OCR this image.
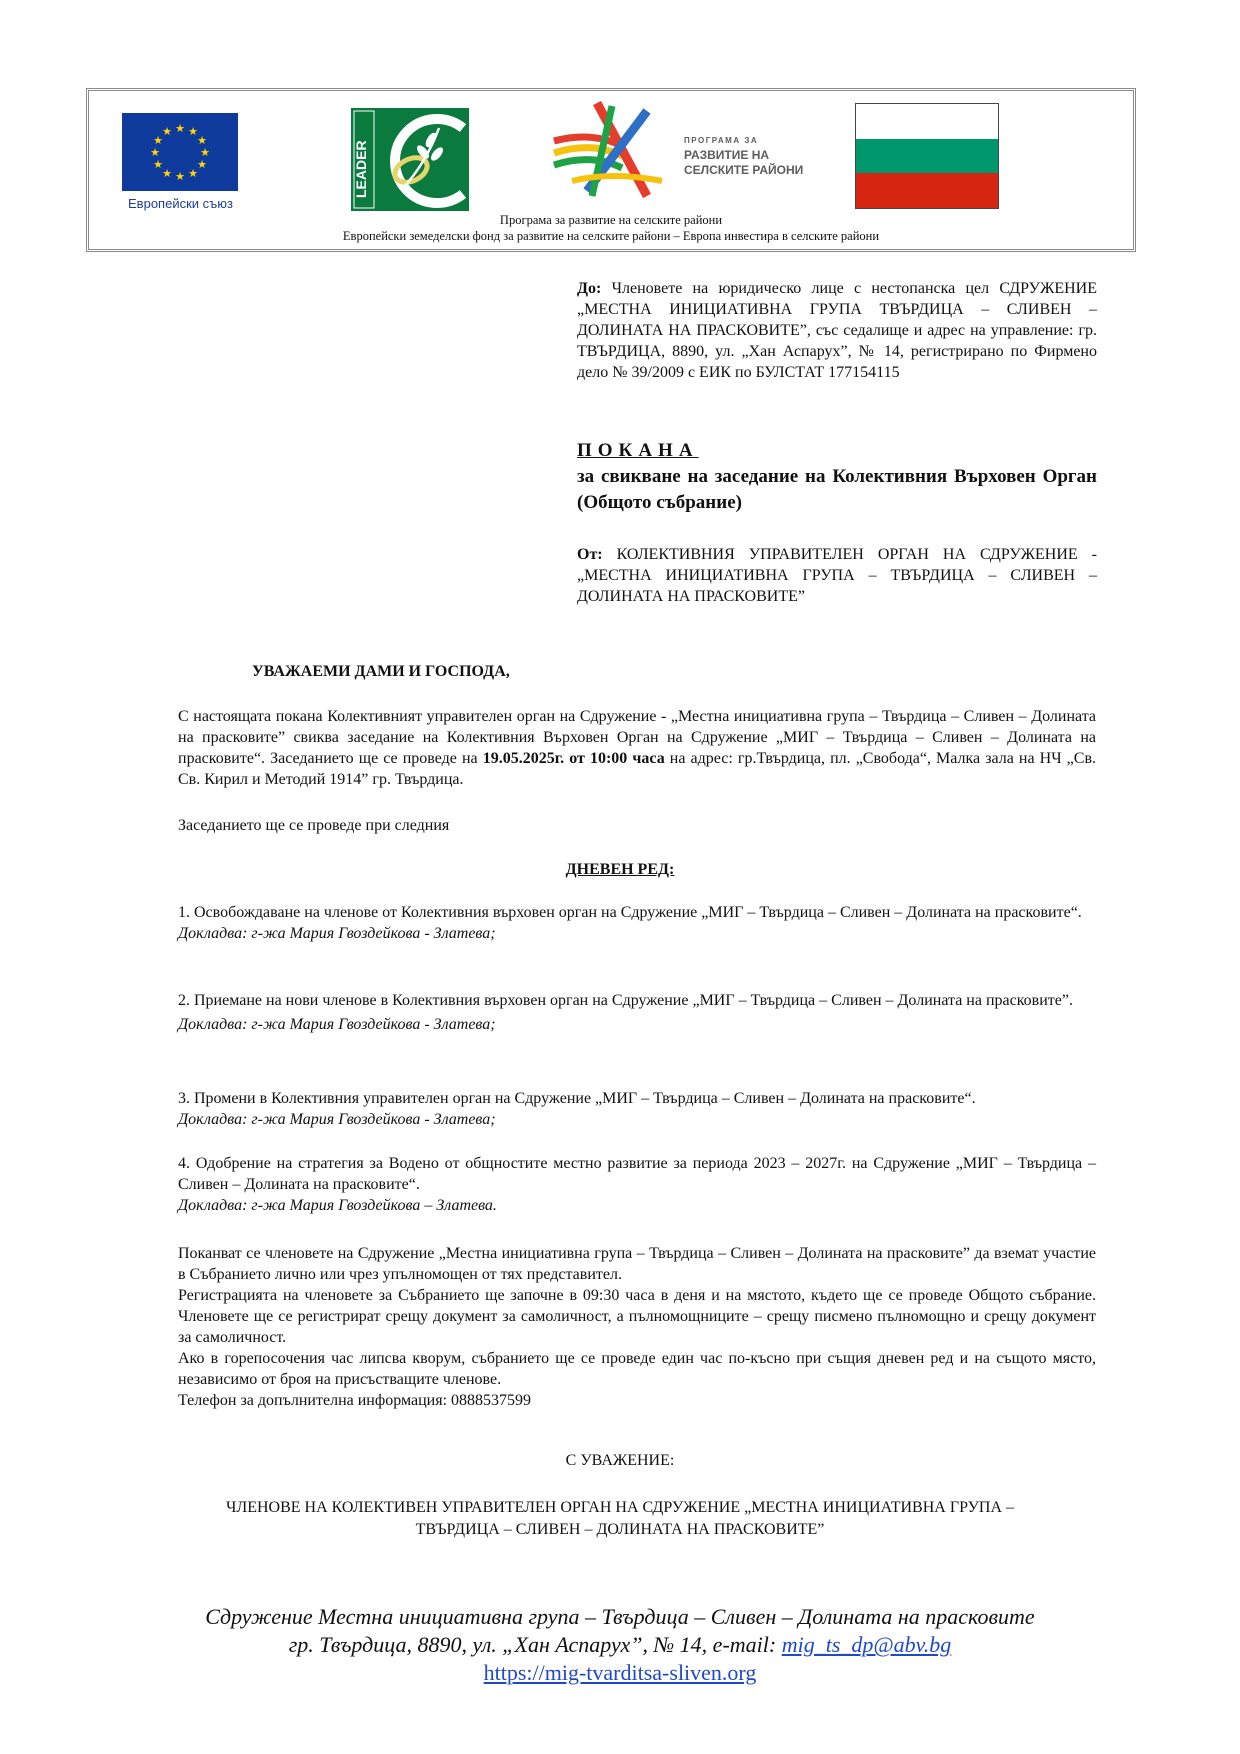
★ ★
★
★
★
★
★
★
★
★
★
★
Европейски съюз
LEADER	ПРОГРАМА ЗА
РАЗВИТИЕ НА
СЕЛСКИТЕ РАЙОНИ
Програма за развитие на селските райони
Европейски земеделски фонд за развитие на селските райони – Европа инвестира в селските райони
До: Членовете на юридическо лице с нестопанска цел СДРУЖЕНИЕ „МЕСТНА ИНИЦИАТИВНА ГРУПА ТВЪРДИЦА – СЛИВЕН – ДОЛИНАТА НА ПРАСКОВИТЕ”, със седалище и адрес на управление: гр. ТВЪРДИЦА, 8890, ул. „Хан Аспарух”, № 14, регистрирано по Фирмено дело № 39/2009 с ЕИК по БУЛСТАТ 177154115
ПОКАНА
за свикване на заседание на Колективния Върховен Орган (Общото събрание)
От: КОЛЕКТИВНИЯ УПРАВИТЕЛЕН ОРГАН НА СДРУЖЕНИЕ - „МЕСТНА ИНИЦИАТИВНА ГРУПА – ТВЪРДИЦА – СЛИВЕН – ДОЛИНАТА НА ПРАСКОВИТЕ”
УВАЖАЕМИ ДАМИ И ГОСПОДА,

С настоящата покана Колективният управителен орган на Сдружение - „Местна инициативна група – Твърдица – Сливен – Долината на прасковите” свиква заседание на Колективния Върховен Орган на Сдружение „МИГ – Твърдица – Сливен – Долината на прасковите“. Заседанието ще се проведе на 19.05.2025г. от 10:00 часа на адрес: гр.Твърдица, пл. „Свобода“, Малка зала на НЧ „Св. Св. Кирил и Методий 1914” гр. Твърдица.

Заседанието ще се проведе при следния
ДНЕВЕН РЕД:
1. Освобождаване на членове от Колективния върховен орган на Сдружение „МИГ – Твърдица – Сливен – Долината на прасковите“.
Докладва: г-жа Мария Гвоздейкова - Златева;
2. Приемане на нови членове в Колективния върховен орган на Сдружение „МИГ – Твърдица – Сливен – Долината на прасковите”.
Докладва: г-жа Мария Гвоздейкова - Златева;
3. Промени в Колективния управителен орган на Сдружение „МИГ – Твърдица – Сливен – Долината на прасковите“.
Докладва: г-жа Мария Гвоздейкова - Златева;
4. Одобрение на стратегия за Водено от общностите местно развитие за периода 2023 – 2027г. на Сдружение „МИГ – Твърдица – Сливен – Долината на прасковите“.
Докладва: г-жа Мария Гвоздейкова – Златева.

Поканват се членовете на Сдружение „Местна инициативна група – Твърдица – Сливен – Долината на прасковите” да вземат участие в Събранието лично или чрез упълномощен от тях представител.

Регистрацията на членовете за Събранието ще започне в 09:30 часа в деня и на мястото, където ще се проведе Общото събрание. Членовете ще се регистрират срещу документ за самоличност, а пълномощниците – срещу писмено пълномощно и срещу документ за самоличност.

Ако в горепосочения час липсва кворум, събранието ще се проведе един час по-късно при същия дневен ред и на същото място, независимо от броя на присъстващите членове.

Телефон за допълнителна информация: 0888537599

С УВАЖЕНИЕ:
ЧЛЕНОВЕ НА КОЛЕКТИВЕН УПРАВИТЕЛЕН ОРГАН НА СДРУЖЕНИЕ „МЕСТНА ИНИЦИАТИВНА ГРУПА –
ТВЪРДИЦА – СЛИВЕН – ДОЛИНАТА НА ПРАСКОВИТЕ”
Сдружение Местна инициативна група – Твърдица – Сливен – Долината на прасковите
гр. Твърдица, 8890, ул. „Хан Аспарух”, № 14, e-mail: mig_ts_dp@abv.bg
https://mig-tvarditsa-sliven.org
